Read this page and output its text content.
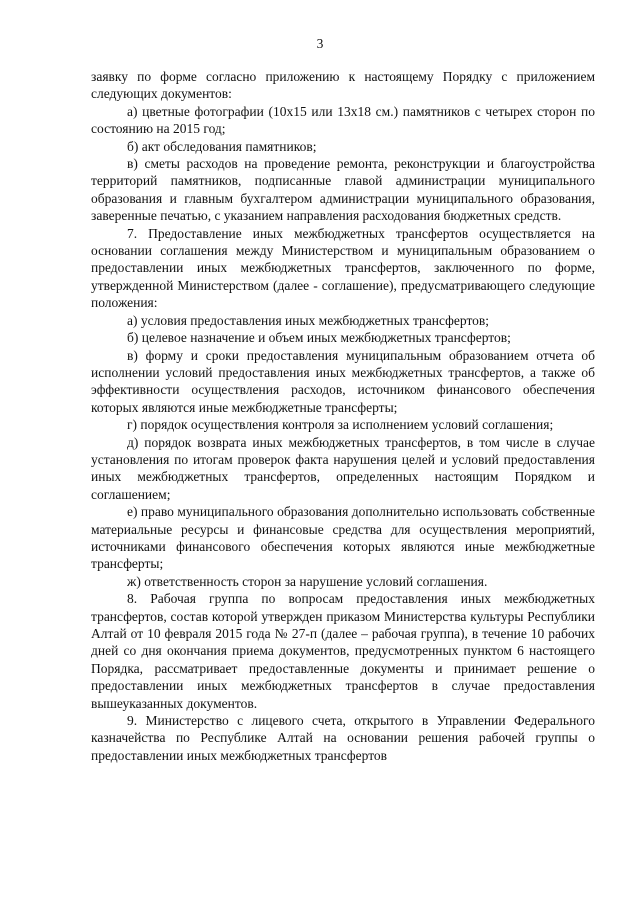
3

заявку по форме согласно приложению к настоящему Порядку с приложением следующих документов:

а) цветные фотографии (10х15 или 13х18 см.) памятников с четырех сторон по состоянию на 2015 год;

б) акт обследования памятников;

в) сметы расходов на проведение ремонта, реконструкции и благоустройства территорий памятников, подписанные главой администрации муниципального образования и главным бухгалтером администрации муниципального образования, заверенные печатью, с указанием направления расходования бюджетных средств.

7. Предоставление иных межбюджетных трансфертов осуществляется на основании соглашения между Министерством и муниципальным образованием о предоставлении иных межбюджетных трансфертов, заключенного по форме, утвержденной Министерством (далее - соглашение), предусматривающего следующие положения:

а) условия предоставления иных межбюджетных трансфертов;

б) целевое назначение и объем иных межбюджетных трансфертов;

в) форму и сроки предоставления муниципальным образованием отчета об исполнении условий предоставления иных межбюджетных трансфертов, а также об эффективности осуществления расходов, источником финансового обеспечения которых являются иные межбюджетные трансферты;

г) порядок осуществления контроля за исполнением условий соглашения;

д) порядок возврата иных межбюджетных трансфертов, в том числе в случае установления по итогам проверок факта нарушения целей и условий предоставления иных межбюджетных трансфертов, определенных настоящим Порядком и соглашением;

е) право муниципального образования дополнительно использовать собственные материальные ресурсы и финансовые средства для осуществления мероприятий, источниками финансового обеспечения которых являются иные межбюджетные трансферты;

ж) ответственность сторон за нарушение условий соглашения.

8. Рабочая группа по вопросам предоставления иных межбюджетных трансфертов, состав которой утвержден приказом Министерства культуры Республики Алтай от 10 февраля 2015 года № 27-п (далее – рабочая группа), в течение 10 рабочих дней со дня окончания приема документов, предусмотренных пунктом 6 настоящего Порядка, рассматривает предоставленные документы и принимает решение о предоставлении иных межбюджетных трансфертов в случае предоставления вышеуказанных документов.

9. Министерство с лицевого счета, открытого в Управлении Федерального казначейства по Республике Алтай на основании решения рабочей группы о предоставлении иных межбюджетных трансфертов
